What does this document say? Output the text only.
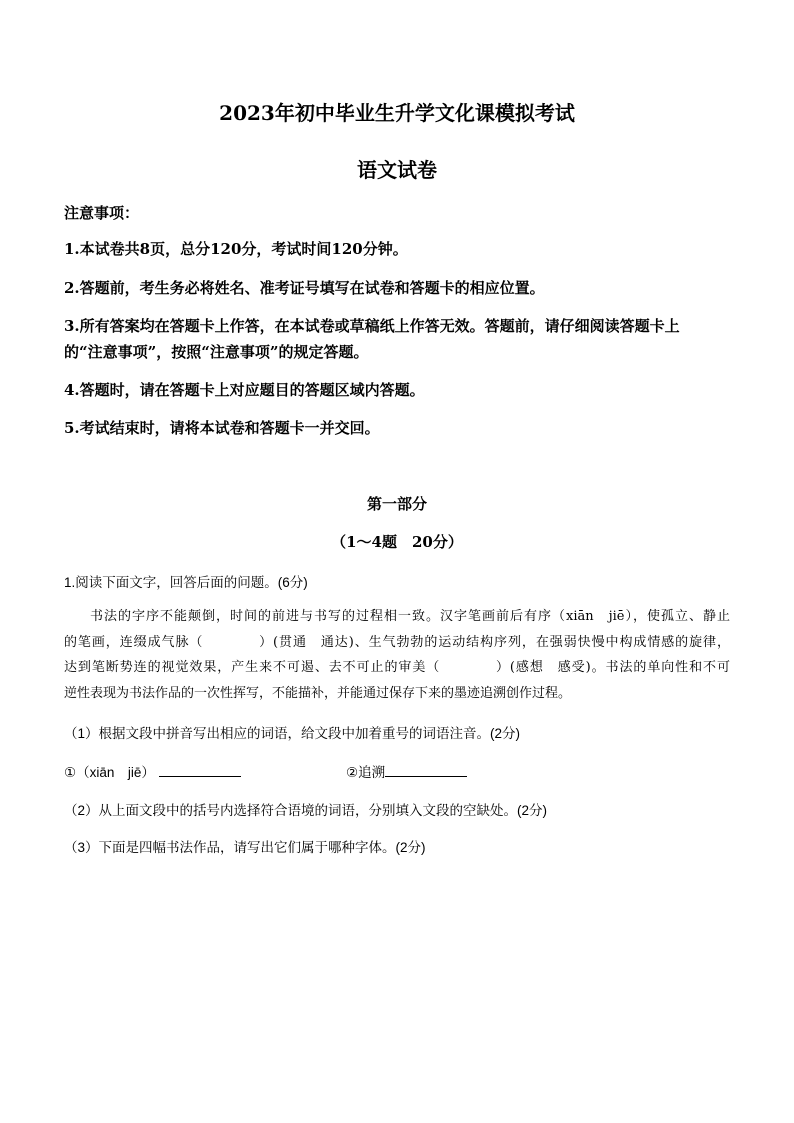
2023年初中毕业生升学文化课模拟考试
语文试卷
注意事项：
1.本试卷共8页，总分120分，考试时间120分钟。
2.答题前，考生务必将姓名、准考证号填写在试卷和答题卡的相应位置。
3.所有答案均在答题卡上作答，在本试卷或草稿纸上作答无效。答题前，请仔细阅读答题卡上
的“注意事项”，按照“注意事项”的规定答题。
4.答题时，请在答题卡上对应题目的答题区域内答题。
5.考试结束时，请将本试卷和答题卡一并交回。
第一部分
（1～4题　20分）
1.阅读下面文字，回答后面的问题。(6分)
书法的字序不能颠倒，时间的前进与书写的过程相一致。汉字笔画前后有序（xiān　jiē），使孤立、静止
的笔画，连缀成气脉（　　　　）(贯通　通达)、生气勃勃的运动结构序列，在强弱快慢中构成情感的旋律，
达到笔断势连的视觉效果，产生来不可遏、去不可止的审美（　　　　）(感想　感受)。书法的单向性和不可
逆性表现为书法作品的一次性挥写，不能描补，并能通过保存下来的墨迹追溯创作过程。
（1）根据文段中拼音写出相应的词语，给文段中加着重号的词语注音。(2分)
①（xiān　jiē）	②追溯
（2）从上面文段中的括号内选择符合语境的词语，分别填入文段的空缺处。(2分)
（3）下面是四幅书法作品，请写出它们属于哪种字体。(2分)
